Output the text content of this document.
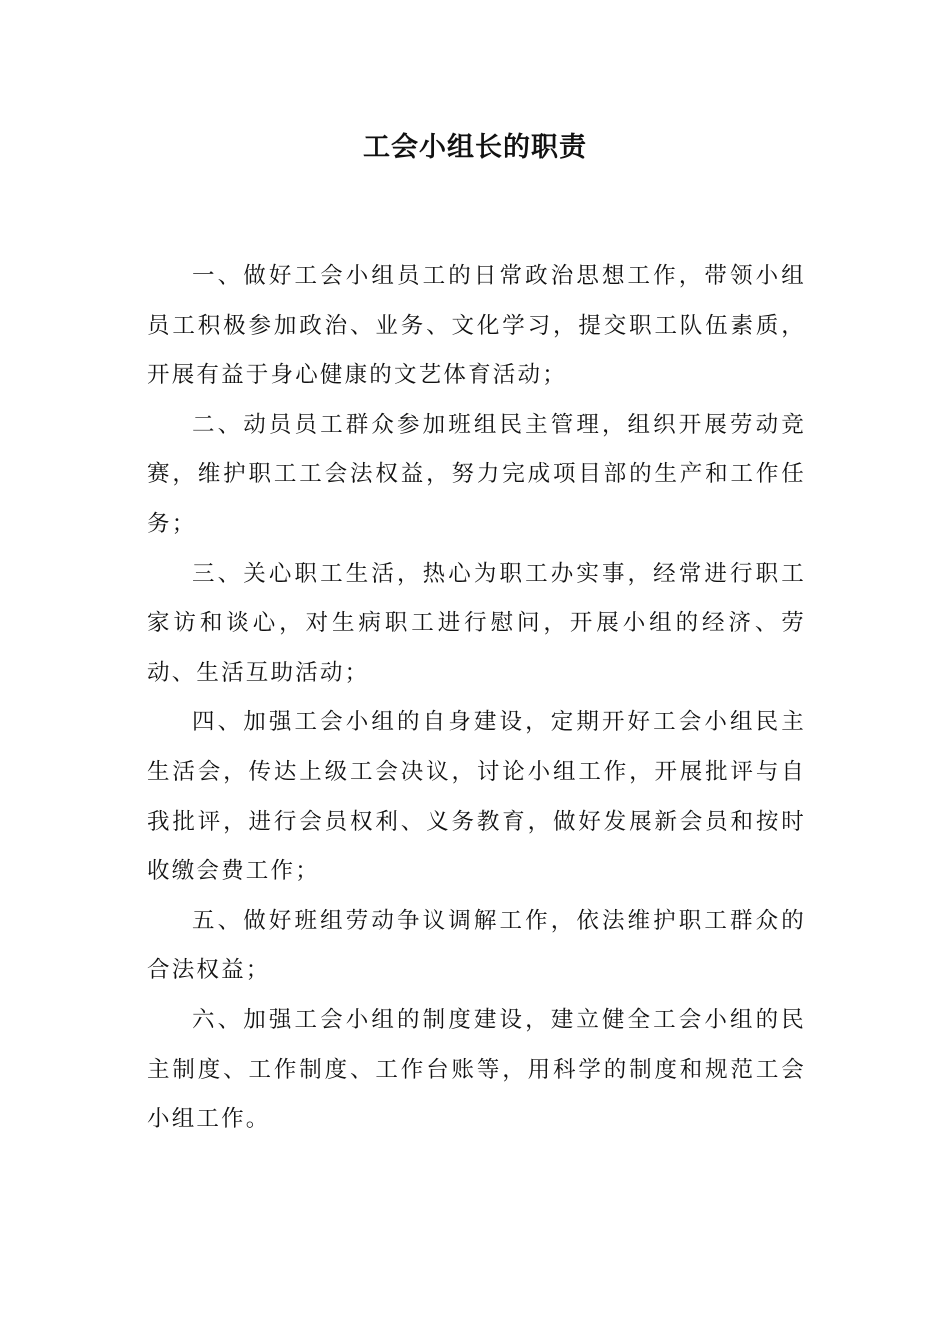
工会小组长的职责

一、做好工会小组员工的日常政治思想工作，带领小组员工积极参加政治、业务、文化学习，提交职工队伍素质，开展有益于身心健康的文艺体育活动；

二、动员员工群众参加班组民主管理，组织开展劳动竞赛，维护职工工会法权益，努力完成项目部的生产和工作任务；

三、关心职工生活，热心为职工办实事，经常进行职工家访和谈心，对生病职工进行慰问，开展小组的经济、劳动、生活互助活动；

四、加强工会小组的自身建设，定期开好工会小组民主生活会，传达上级工会决议，讨论小组工作，开展批评与自我批评，进行会员权利、义务教育，做好发展新会员和按时收缴会费工作；

五、做好班组劳动争议调解工作，依法维护职工群众的合法权益；

六、加强工会小组的制度建设，建立健全工会小组的民主制度、工作制度、工作台账等，用科学的制度和规范工会小组工作。
